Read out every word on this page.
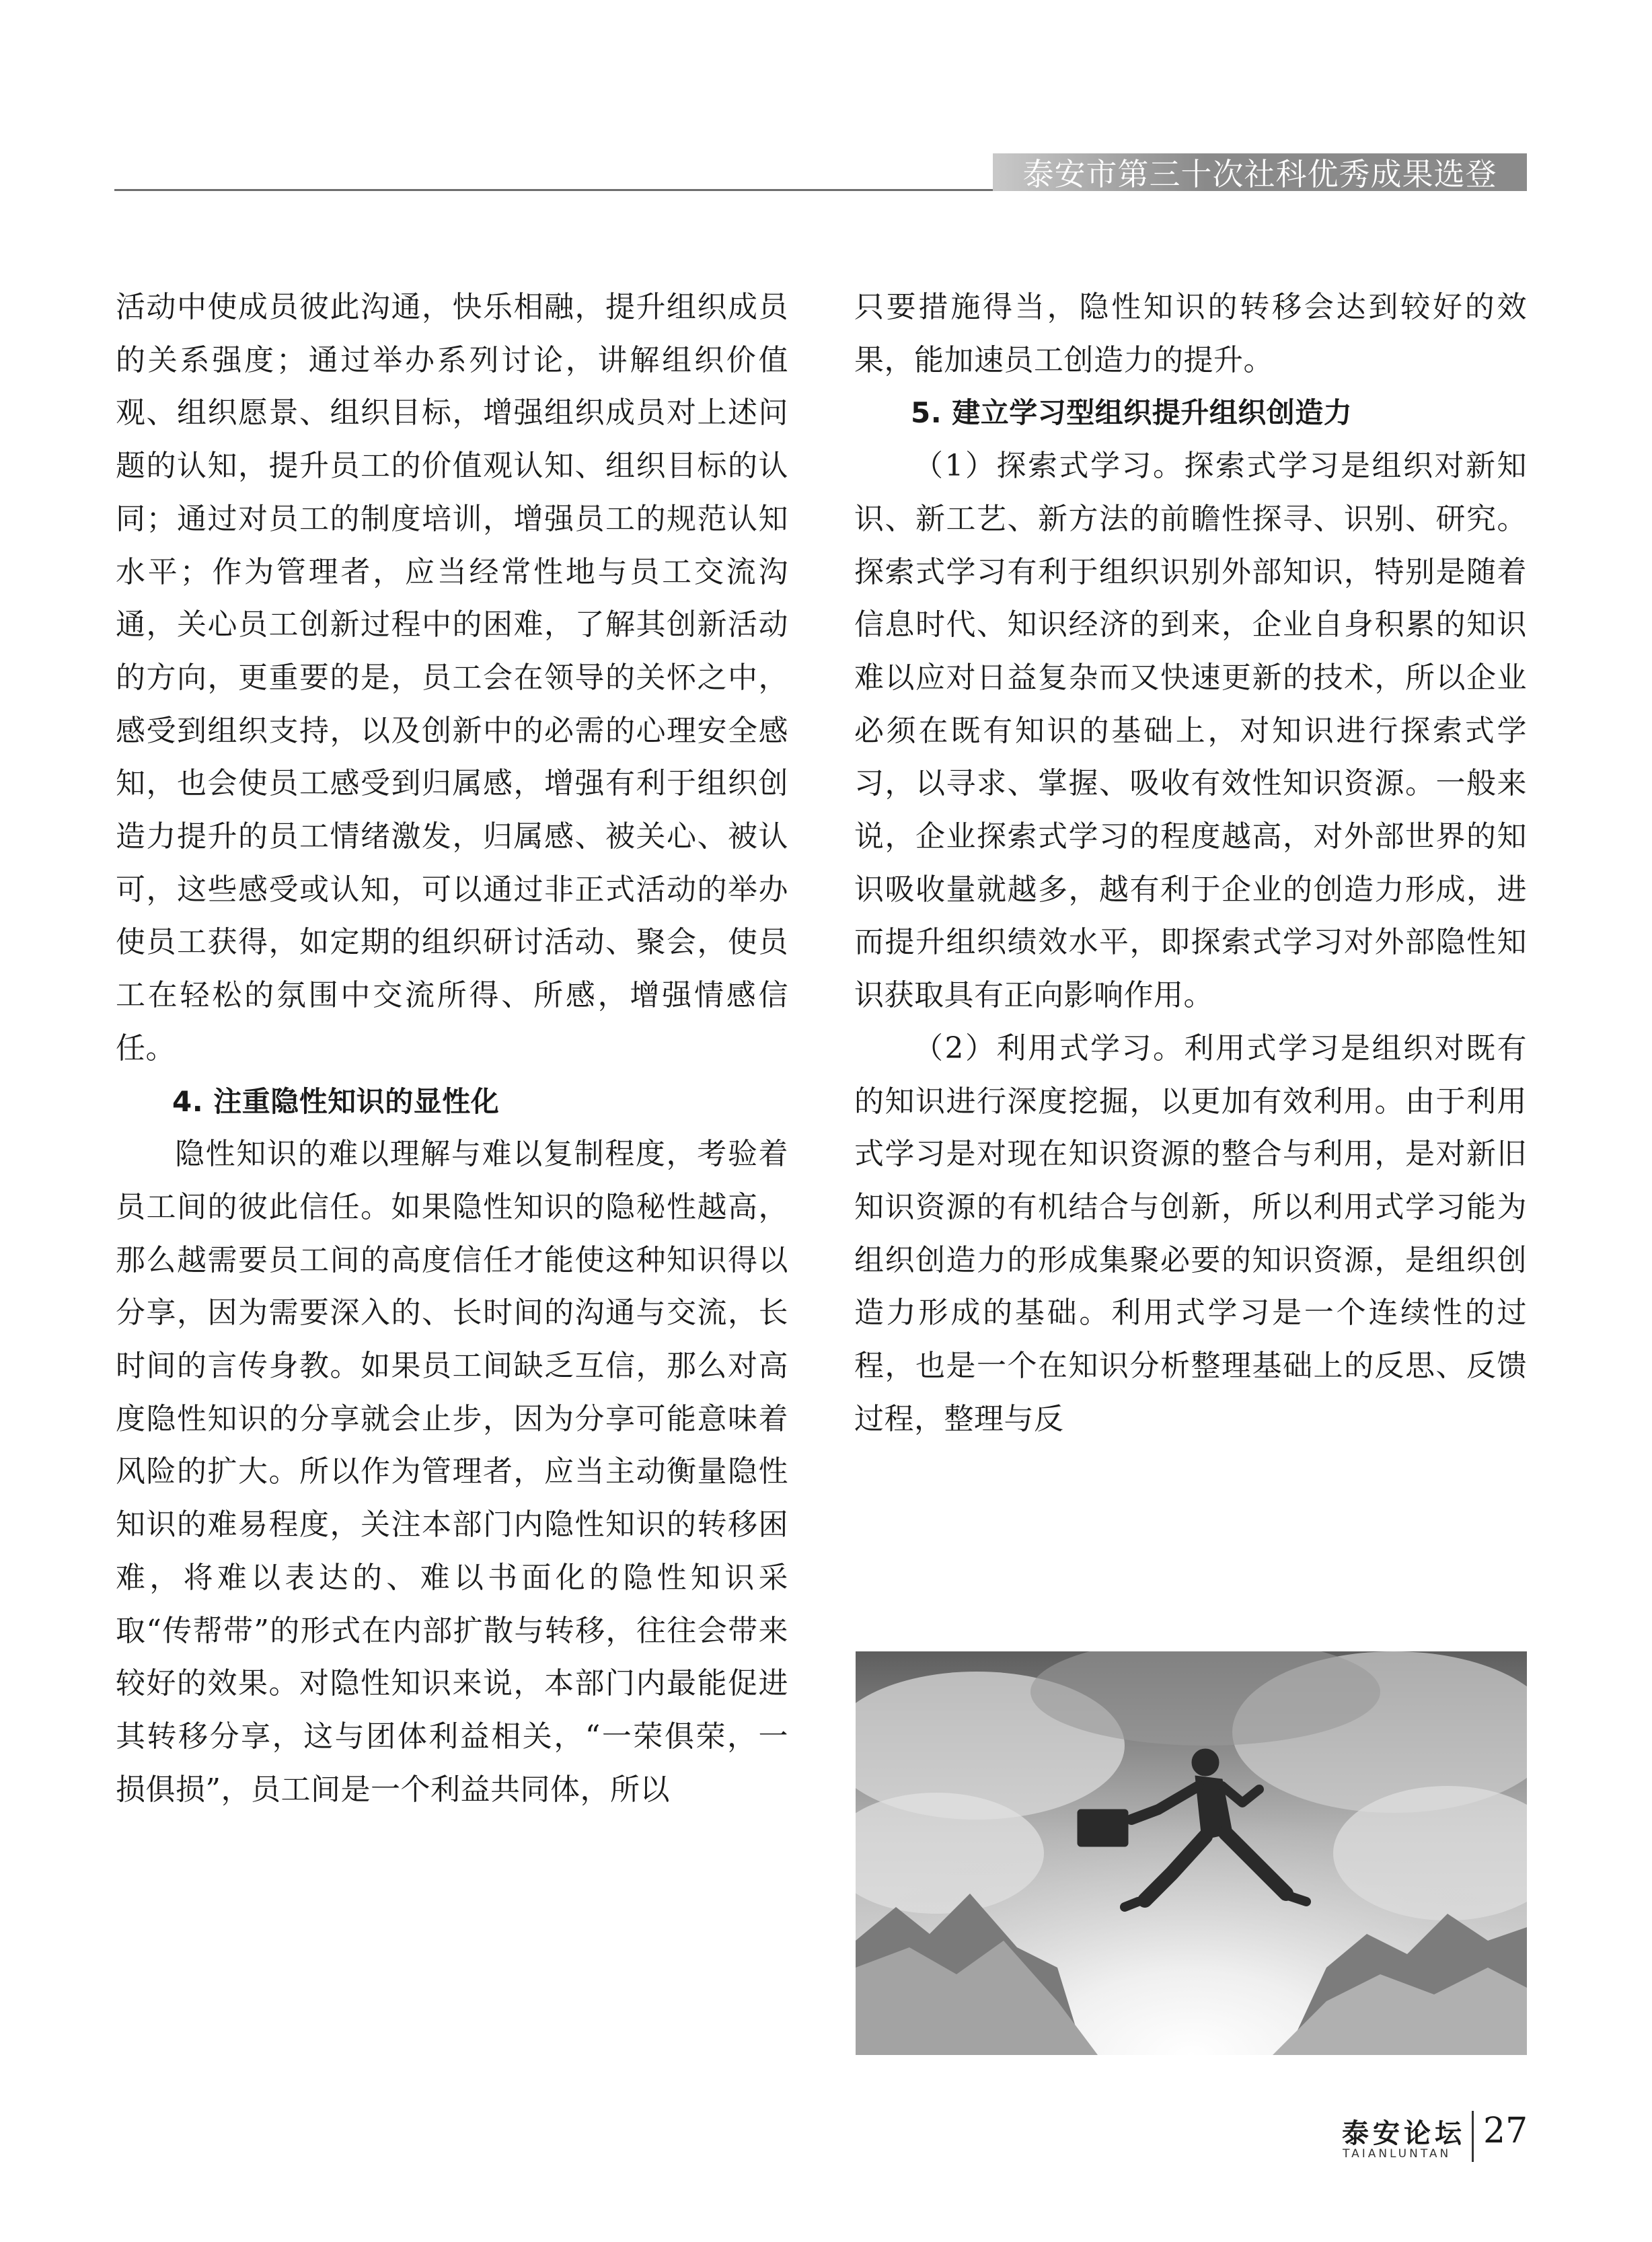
泰安市第三十次社科优秀成果选登

活动中使成员彼此沟通，快乐相融，提升组织成员的关系强度；通过举办系列讨论，讲解组织价值观、组织愿景、组织目标，增强组织成员对上述问题的认知，提升员工的价值观认知、组织目标的认同；通过对员工的制度培训，增强员工的规范认知水平；作为管理者，应当经常性地与员工交流沟通，关心员工创新过程中的困难，了解其创新活动的方向，更重要的是，员工会在领导的关怀之中，感受到组织支持，以及创新中的必需的心理安全感知，也会使员工感受到归属感，增强有利于组织创造力提升的员工情绪激发，归属感、被关心、被认可，这些感受或认知，可以通过非正式活动的举办使员工获得，如定期的组织研讨活动、聚会，使员工在轻松的氛围中交流所得、所感，增强情感信任。

4. 注重隐性知识的显性化

隐性知识的难以理解与难以复制程度，考验着员工间的彼此信任。如果隐性知识的隐秘性越高，那么越需要员工间的高度信任才能使这种知识得以分享，因为需要深入的、长时间的沟通与交流，长时间的言传身教。如果员工间缺乏互信，那么对高度隐性知识的分享就会止步，因为分享可能意味着风险的扩大。所以作为管理者，应当主动衡量隐性知识的难易程度，关注本部门内隐性知识的转移困难，将难以表达的、难以书面化的隐性知识采取“传帮带”的形式在内部扩散与转移，往往会带来较好的效果。对隐性知识来说，本部门内最能促进其转移分享，这与团体利益相关，“一荣俱荣，一损俱损”，员工间是一个利益共同体，所以

只要措施得当，隐性知识的转移会达到较好的效果，能加速员工创造力的提升。

5. 建立学习型组织提升组织创造力

（1）探索式学习。探索式学习是组织对新知识、新工艺、新方法的前瞻性探寻、识别、研究。探索式学习有利于组织识别外部知识，特别是随着信息时代、知识经济的到来，企业自身积累的知识难以应对日益复杂而又快速更新的技术，所以企业必须在既有知识的基础上，对知识进行探索式学习，以寻求、掌握、吸收有效性知识资源。一般来说，企业探索式学习的程度越高，对外部世界的知识吸收量就越多，越有利于企业的创造力形成，进而提升组织绩效水平，即探索式学习对外部隐性知识获取具有正向影响作用。

（2）利用式学习。利用式学习是组织对既有的知识进行深度挖掘，以更加有效利用。由于利用式学习是对现在知识资源的整合与利用，是对新旧知识资源的有机结合与创新，所以利用式学习能为组织创造力的形成集聚必要的知识资源，是组织创造力形成的基础。利用式学习是一个连续性的过程，也是一个在知识分析整理基础上的反思、反馈过程，整理与反

泰安论坛
TAIANLUNTAN
27
